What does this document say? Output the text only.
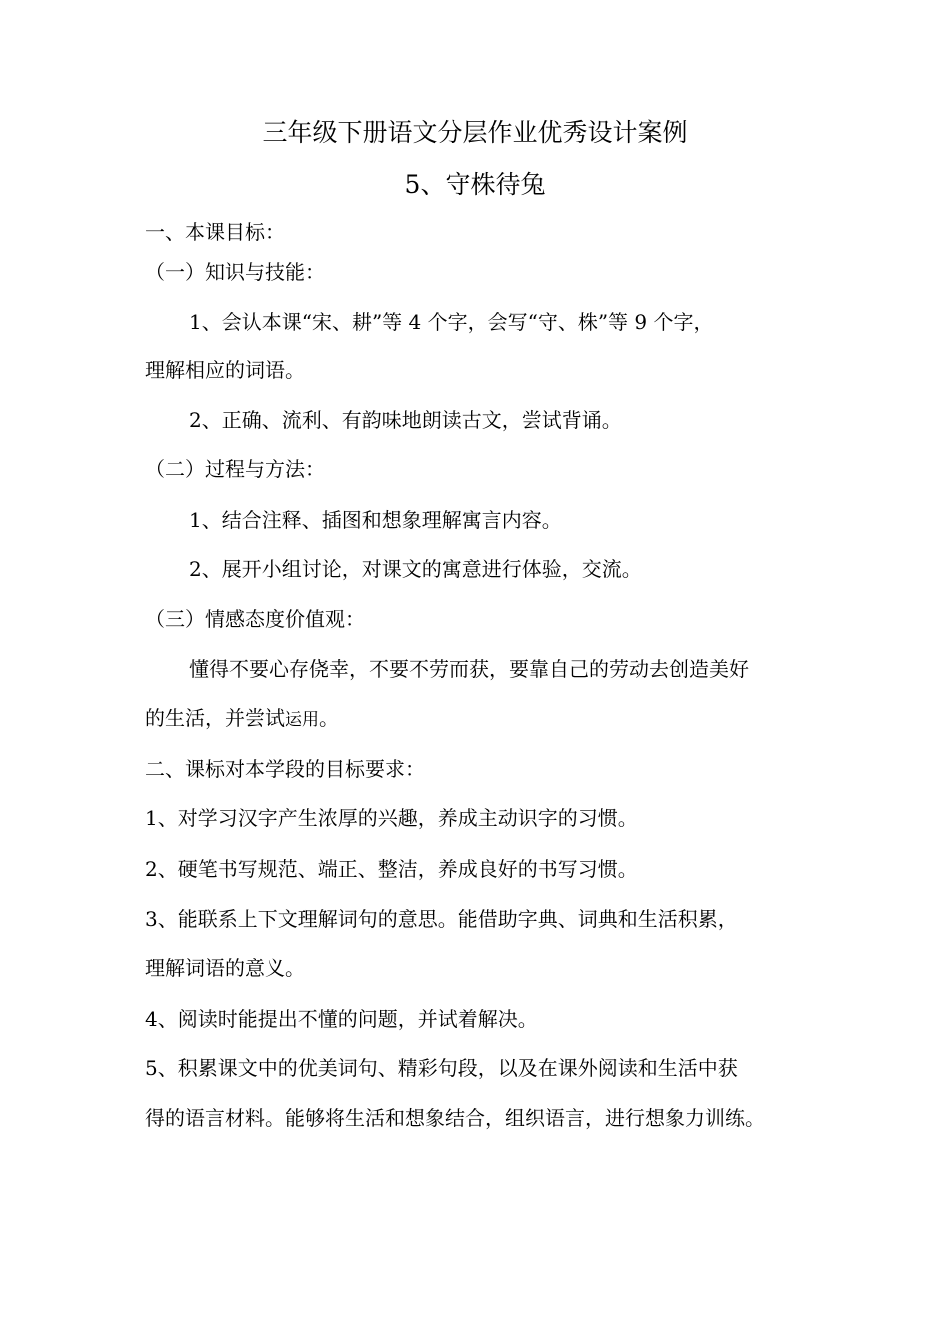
三年级下册语文分层作业优秀设计案例
5、守株待兔
一、本课目标：
（一）知识与技能：
1、会认本课“宋、耕”等 4 个字，会写“守、株”等 9 个字，
理解相应的词语。
2、正确、流利、有韵味地朗读古文，尝试背诵。
（二）过程与方法：
1、结合注释、插图和想象理解寓言内容。
2、展开小组讨论，对课文的寓意进行体验，交流。
（三）情感态度价值观：
懂得不要心存侥幸，不要不劳而获，要靠自己的劳动去创造美好
的生活，并尝试运用。
二、课标对本学段的目标要求：
1、对学习汉字产生浓厚的兴趣，养成主动识字的习惯。
2、硬笔书写规范、端正、整洁，养成良好的书写习惯。
3、能联系上下文理解词句的意思。能借助字典、词典和生活积累，
理解词语的意义。
4、阅读时能提出不懂的问题，并试着解决。
5、积累课文中的优美词句、精彩句段，以及在课外阅读和生活中获
得的语言材料。能够将生活和想象结合，组织语言，进行想象力训练。
